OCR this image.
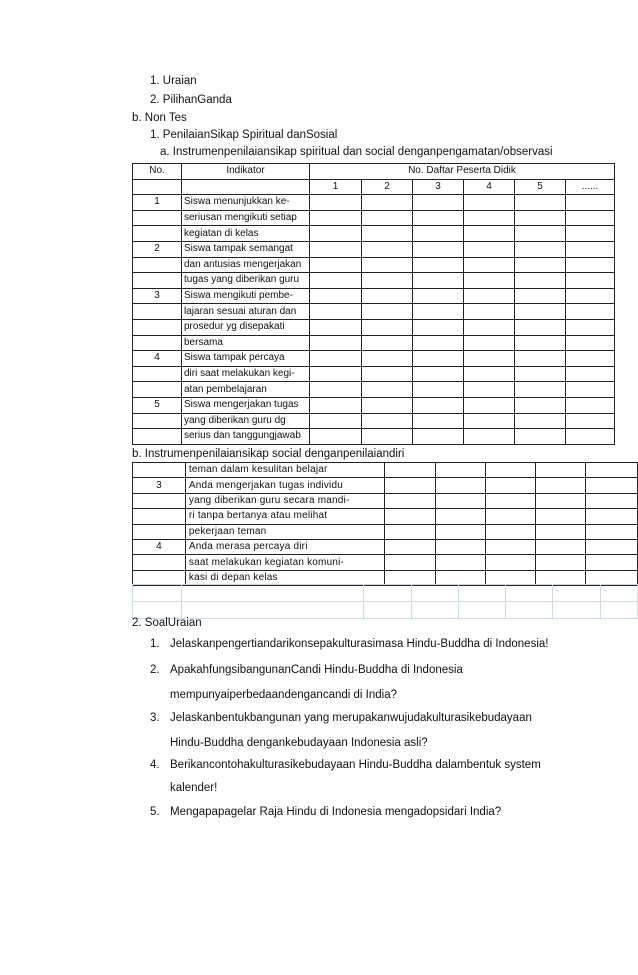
1. Uraian
2. PilihanGanda
b. Non Tes
1. PenilaianSikap Spiritual danSosial
a. Instrumenpenilaiansikap spiritual dan social denganpengamatan/observasi
No.	Indikator	No. Daftar Peserta Didik					
		1	2	3	4	5	......
1	Siswa menunjukkan ke-						
	seriusan mengikuti setiap						
	kegiatan di kelas						
2	Siswa tampak semangat						
	dan antusias mengerjakan						
	tugas yang diberikan guru						
3	Siswa mengikuti pembe-						
	lajaran sesuai aturan dan						
	prosedur yg disepakati						
	bersama						
4	Siswa tampak percaya						
	diri saat melakukan kegi-						
	atan pembelajaran						
5	Siswa mengerjakan tugas						
	yang diberikan guru dg						
	serius dan tanggungjawab						
b. Instrumenpenilaiansikap social denganpenilaiandiri
	teman dalam kesulitan belajar					
3	Anda mengerjakan tugas individu					
	yang diberikan guru secara mandi-					
	ri tanpa bertanya atau melihat					
	pekerjaan teman					
4	Anda merasa percaya diri					
	saat melakukan kegiatan komuni-					
	kasi di depan kelas					

2. SoalUraian
1. Jelaskanpengertiandarikonsepakulturasimasa Hindu-Buddha di Indonesia!
2. ApakahfungsibangunanCandi Hindu-Buddha di Indonesia
mempunyaiperbedaandengancandi di India?
3. Jelaskanbentukbangunan yang merupakanwujudakulturasikebudayaan
Hindu-Buddha dengankebudayaan Indonesia asli?
4. Berikancontohakulturasikebudayaan Hindu-Buddha dalambentuk system
kalender!
5. Mengapapagelar Raja Hindu di Indonesia mengadopsidari India?
